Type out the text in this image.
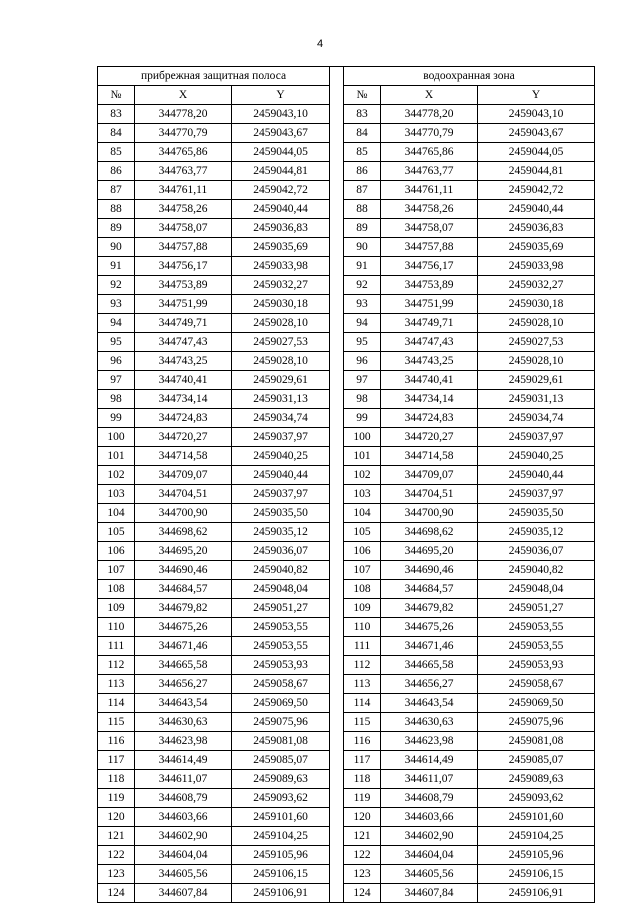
4
прибрежная защитная полоса				водоохранная зона		
№	X	Y		№	X	Y
83	344778,20	2459043,10		83	344778,20	2459043,10
84	344770,79	2459043,67		84	344770,79	2459043,67
85	344765,86	2459044,05		85	344765,86	2459044,05
86	344763,77	2459044,81		86	344763,77	2459044,81
87	344761,11	2459042,72		87	344761,11	2459042,72
88	344758,26	2459040,44		88	344758,26	2459040,44
89	344758,07	2459036,83		89	344758,07	2459036,83
90	344757,88	2459035,69		90	344757,88	2459035,69
91	344756,17	2459033,98		91	344756,17	2459033,98
92	344753,89	2459032,27		92	344753,89	2459032,27
93	344751,99	2459030,18		93	344751,99	2459030,18
94	344749,71	2459028,10		94	344749,71	2459028,10
95	344747,43	2459027,53		95	344747,43	2459027,53
96	344743,25	2459028,10		96	344743,25	2459028,10
97	344740,41	2459029,61		97	344740,41	2459029,61
98	344734,14	2459031,13		98	344734,14	2459031,13
99	344724,83	2459034,74		99	344724,83	2459034,74
100	344720,27	2459037,97		100	344720,27	2459037,97
101	344714,58	2459040,25		101	344714,58	2459040,25
102	344709,07	2459040,44		102	344709,07	2459040,44
103	344704,51	2459037,97		103	344704,51	2459037,97
104	344700,90	2459035,50		104	344700,90	2459035,50
105	344698,62	2459035,12		105	344698,62	2459035,12
106	344695,20	2459036,07		106	344695,20	2459036,07
107	344690,46	2459040,82		107	344690,46	2459040,82
108	344684,57	2459048,04		108	344684,57	2459048,04
109	344679,82	2459051,27		109	344679,82	2459051,27
110	344675,26	2459053,55		110	344675,26	2459053,55
111	344671,46	2459053,55		111	344671,46	2459053,55
112	344665,58	2459053,93		112	344665,58	2459053,93
113	344656,27	2459058,67		113	344656,27	2459058,67
114	344643,54	2459069,50		114	344643,54	2459069,50
115	344630,63	2459075,96		115	344630,63	2459075,96
116	344623,98	2459081,08		116	344623,98	2459081,08
117	344614,49	2459085,07		117	344614,49	2459085,07
118	344611,07	2459089,63		118	344611,07	2459089,63
119	344608,79	2459093,62		119	344608,79	2459093,62
120	344603,66	2459101,60		120	344603,66	2459101,60
121	344602,90	2459104,25		121	344602,90	2459104,25
122	344604,04	2459105,96		122	344604,04	2459105,96
123	344605,56	2459106,15		123	344605,56	2459106,15
124	344607,84	2459106,91		124	344607,84	2459106,91
